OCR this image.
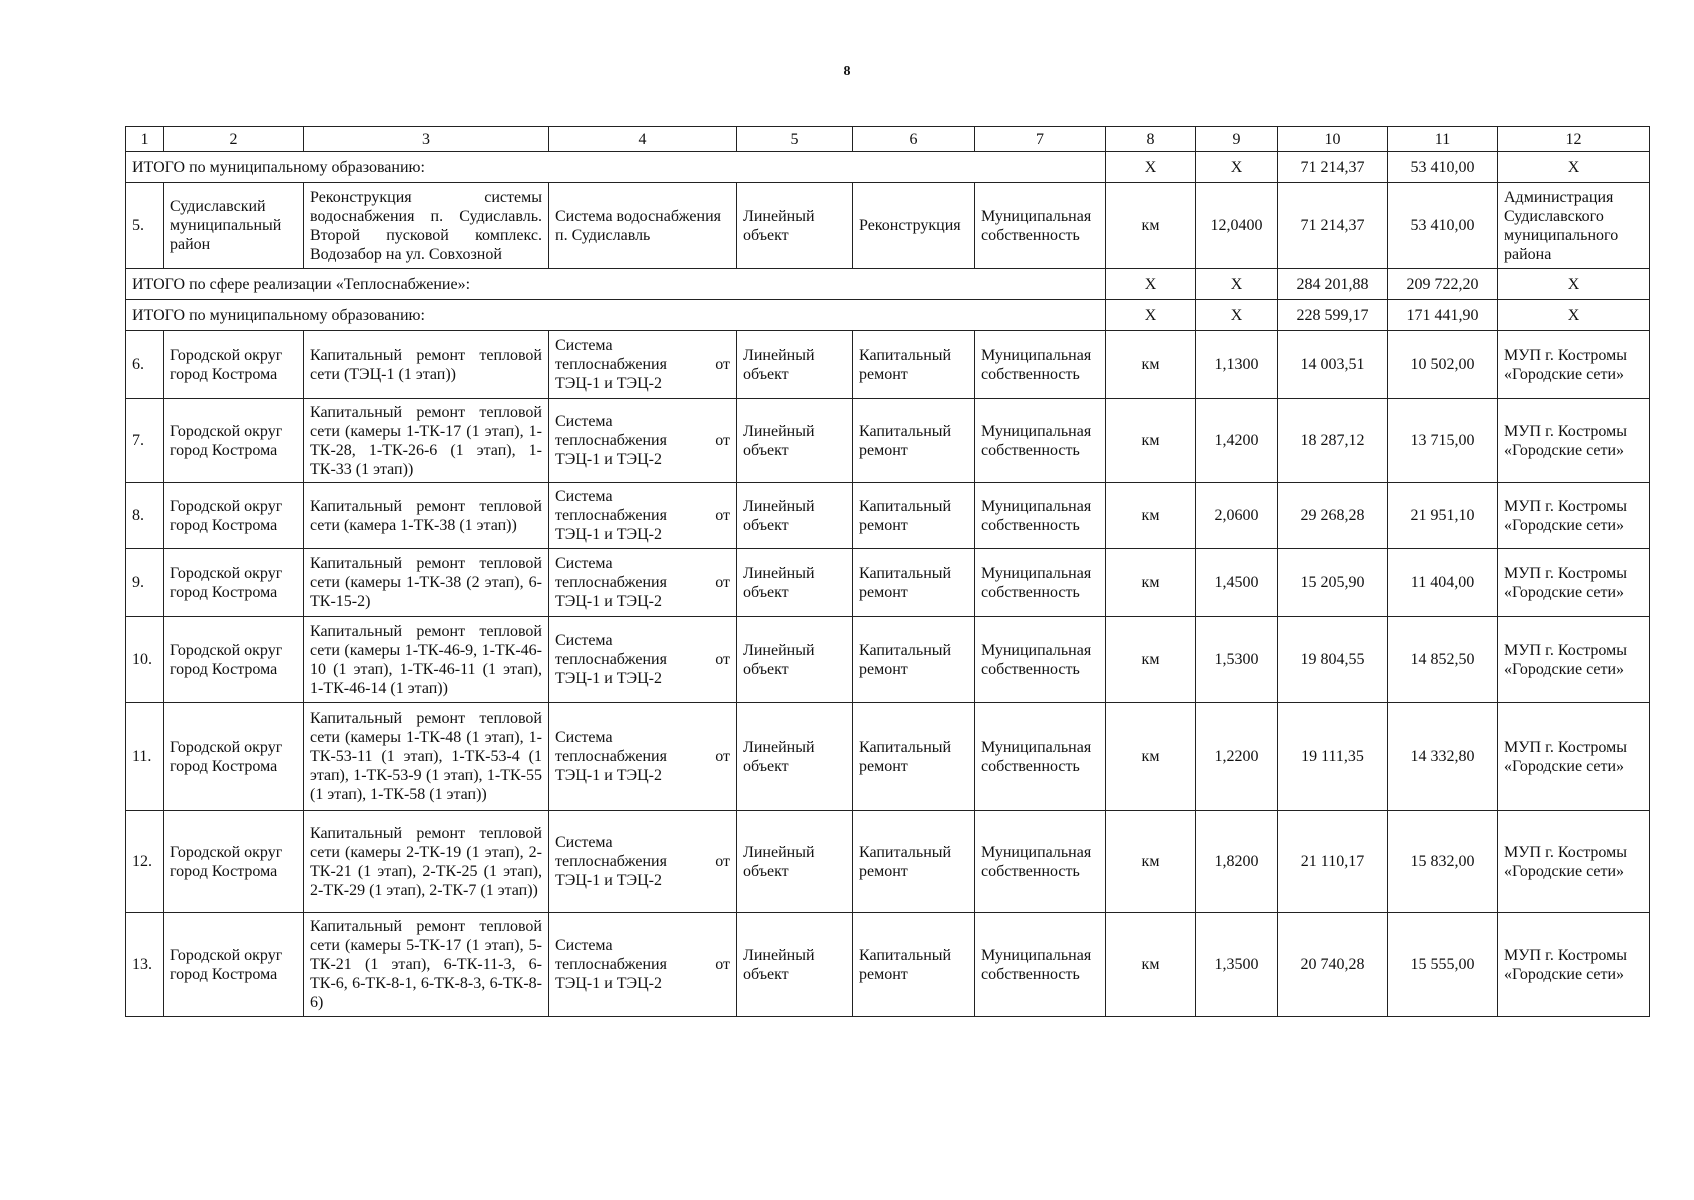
8
1	2	3	4	5	6	7	8	9	10	11	12
ИТОГО по муниципальному образованию:							Х	Х	71 214,37	53 410,00	Х
5.	Судиславский муниципальный район	Реконструкция системы водоснабжения п. Судиславль. Второй пусковой комплекс. Водозабор на ул. Совхозной	Система водоснабжения п. Судиславль	Линейный объект	Реконструкция	Муниципальная собственность	км	12,0400	71 214,37	53 410,00	Администрация Судиславского муниципального района
ИТОГО по сфере реализации «Теплоснабжение»:							Х	Х	284 201,88	209 722,20	Х
ИТОГО по муниципальному образованию:							Х	Х	228 599,17	171 441,90	Х
6.	Городской округ город Кострома	Капитальный ремонт тепловой сети (ТЭЦ-1 (1 этап))	Система
теплоснабжения от
ТЭЦ-1 и ТЭЦ-2	Линейный объект	Капитальный ремонт	Муниципальная собственность	км	1,1300	14 003,51	10 502,00	МУП г. Костромы «Городские сети»
7.	Городской округ город Кострома	Капитальный ремонт тепловой сети (камеры 1-ТК-17 (1 этап), 1-ТК-28, 1-ТК-26-6 (1 этап), 1-ТК-33 (1 этап))	Система
теплоснабжения от
ТЭЦ-1 и ТЭЦ-2	Линейный объект	Капитальный ремонт	Муниципальная собственность	км	1,4200	18 287,12	13 715,00	МУП г. Костромы «Городские сети»
8.	Городской округ город Кострома	Капитальный ремонт тепловой сети (камера 1-ТК-38 (1 этап))	Система
теплоснабжения от
ТЭЦ-1 и ТЭЦ-2	Линейный объект	Капитальный ремонт	Муниципальная собственность	км	2,0600	29 268,28	21 951,10	МУП г. Костромы «Городские сети»
9.	Городской округ город Кострома	Капитальный ремонт тепловой сети (камеры 1-ТК-38 (2 этап), 6-ТК-15-2)	Система
теплоснабжения от
ТЭЦ-1 и ТЭЦ-2	Линейный объект	Капитальный ремонт	Муниципальная собственность	км	1,4500	15 205,90	11 404,00	МУП г. Костромы «Городские сети»
10.	Городской округ город Кострома	Капитальный ремонт тепловой сети (камеры 1-ТК-46-9, 1-ТК-46-10 (1 этап), 1-ТК-46-11 (1 этап), 1-ТК-46-14 (1 этап))	Система
теплоснабжения от
ТЭЦ-1 и ТЭЦ-2	Линейный объект	Капитальный ремонт	Муниципальная собственность	км	1,5300	19 804,55	14 852,50	МУП г. Костромы «Городские сети»
11.	Городской округ город Кострома	Капитальный ремонт тепловой сети (камеры 1-ТК-48 (1 этап), 1-ТК-53-11 (1 этап), 1-ТК-53-4 (1 этап), 1-ТК-53-9 (1 этап), 1-ТК-55 (1 этап), 1-ТК-58 (1 этап))	Система
теплоснабжения от
ТЭЦ-1 и ТЭЦ-2	Линейный объект	Капитальный ремонт	Муниципальная собственность	км	1,2200	19 111,35	14 332,80	МУП г. Костромы «Городские сети»
12.	Городской округ город Кострома	Капитальный ремонт тепловой сети (камеры 2-ТК-19 (1 этап), 2-ТК-21 (1 этап), 2-ТК-25 (1 этап), 2-ТК-29 (1 этап), 2-ТК-7 (1 этап))	Система
теплоснабжения от
ТЭЦ-1 и ТЭЦ-2	Линейный объект	Капитальный ремонт	Муниципальная собственность	км	1,8200	21 110,17	15 832,00	МУП г. Костромы «Городские сети»
13.	Городской округ город Кострома	Капитальный ремонт тепловой сети (камеры 5-ТК-17 (1 этап), 5-ТК-21 (1 этап), 6-ТК-11-3, 6-ТК-6, 6-ТК-8-1, 6-ТК-8-3, 6-ТК-8-6)	Система
теплоснабжения от
ТЭЦ-1 и ТЭЦ-2	Линейный объект	Капитальный ремонт	Муниципальная собственность	км	1,3500	20 740,28	15 555,00	МУП г. Костромы «Городские сети»
